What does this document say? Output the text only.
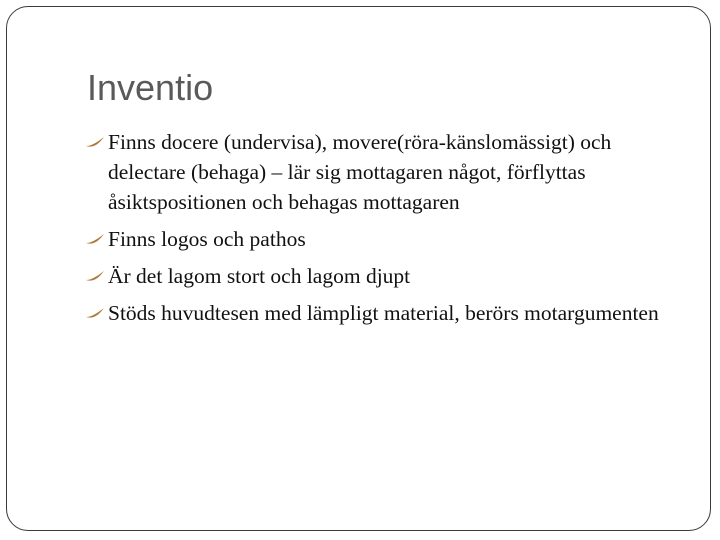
Inventio
Finns docere (undervisa), movere(röra-känslomässigt) och delectare (behaga) – lär sig mottagaren något, förflyttas åsiktspositionen och behagas mottagaren
Finns logos och pathos
Är det lagom stort och lagom djupt
Stöds huvudtesen med lämpligt material, berörs motargumenten
